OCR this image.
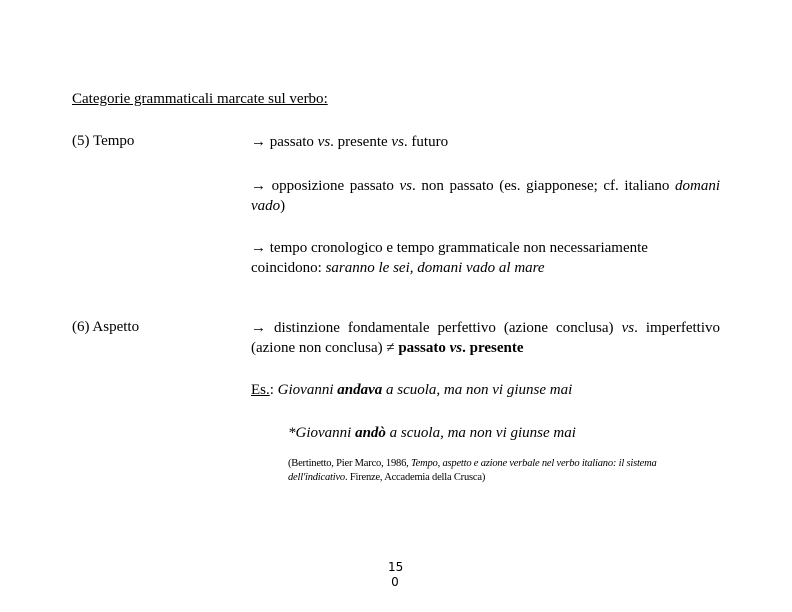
Categorie grammaticali marcate sul verbo:
(5) Tempo	→ passato vs. presente vs. futuro
→ opposizione passato vs. non passato (es. giapponese; cf. italiano domani vado)
→ tempo cronologico e tempo grammaticale non necessariamente coincidono: saranno le sei, domani vado al mare
(6) Aspetto	→ distinzione fondamentale perfettivo (azione conclusa) vs. imperfettivo (azione non conclusa) ≠ passato vs. presente
Es.: Giovanni andava a scuola, ma non vi giunse mai
*Giovanni andò a scuola, ma non vi giunse mai
(Bertinetto, Pier Marco, 1986, Tempo, aspetto e azione verbale nel verbo italiano: il sistema dell'indicativo. Firenze, Accademia della Crusca)
15 0
